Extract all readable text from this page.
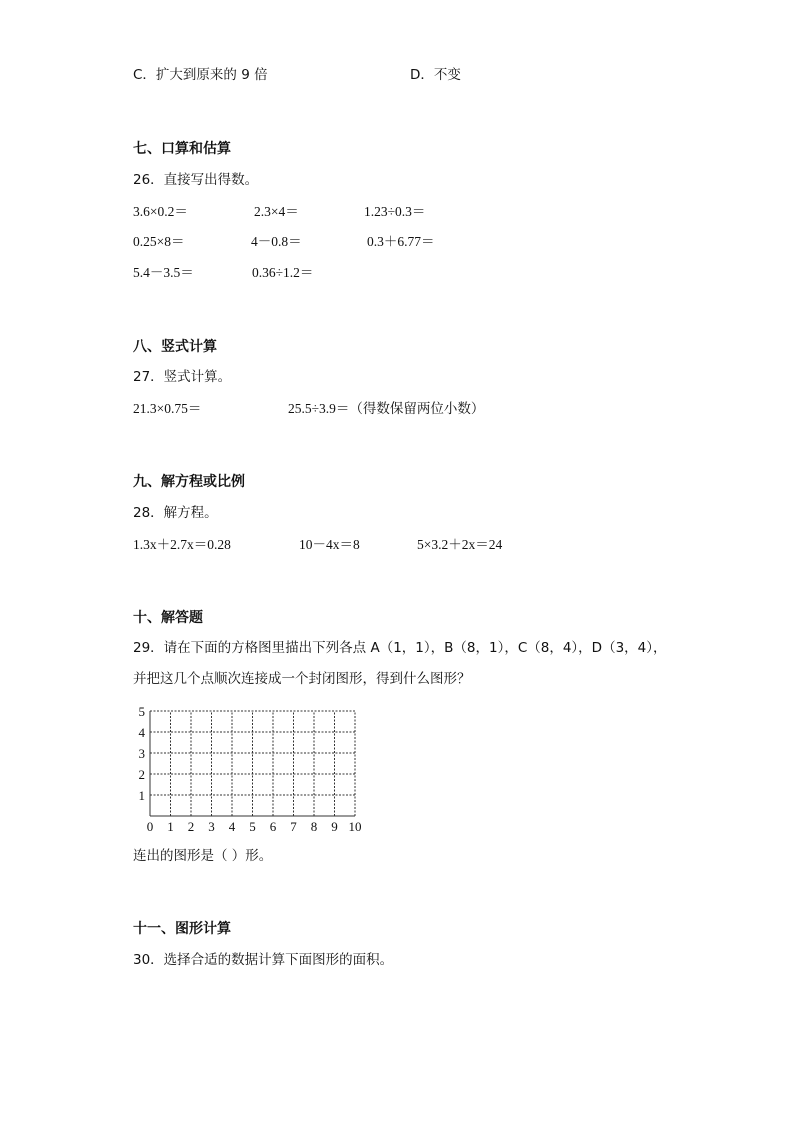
C．扩大到原来的 9 倍	D．不变
七、口算和估算
26．直接写出得数。
3.6×0.2＝	2.3×4＝	1.23÷0.3＝
0.25×8＝	4－0.8＝	0.3＋6.77＝
5.4－3.5＝	0.36÷1.2＝
八、竖式计算
27．竖式计算。
21.3×0.75＝	25.5÷3.9＝（得数保留两位小数）
九、解方程或比例
28．解方程。
1.3x＋2.7x＝0.28	10－4x＝8	5×3.2＋2x＝24
十、解答题
29．请在下面的方格图里描出下列各点 A（1，1），B（8，1），C（8，4），D（3，4），
并把这几个点顺次连接成一个封闭图形，得到什么图形？
1
2
3
4
5
0 1 2 3 4 5 6 7 8 9 10
连出的图形是（ ）形。
十一、图形计算
30．选择合适的数据计算下面图形的面积。
